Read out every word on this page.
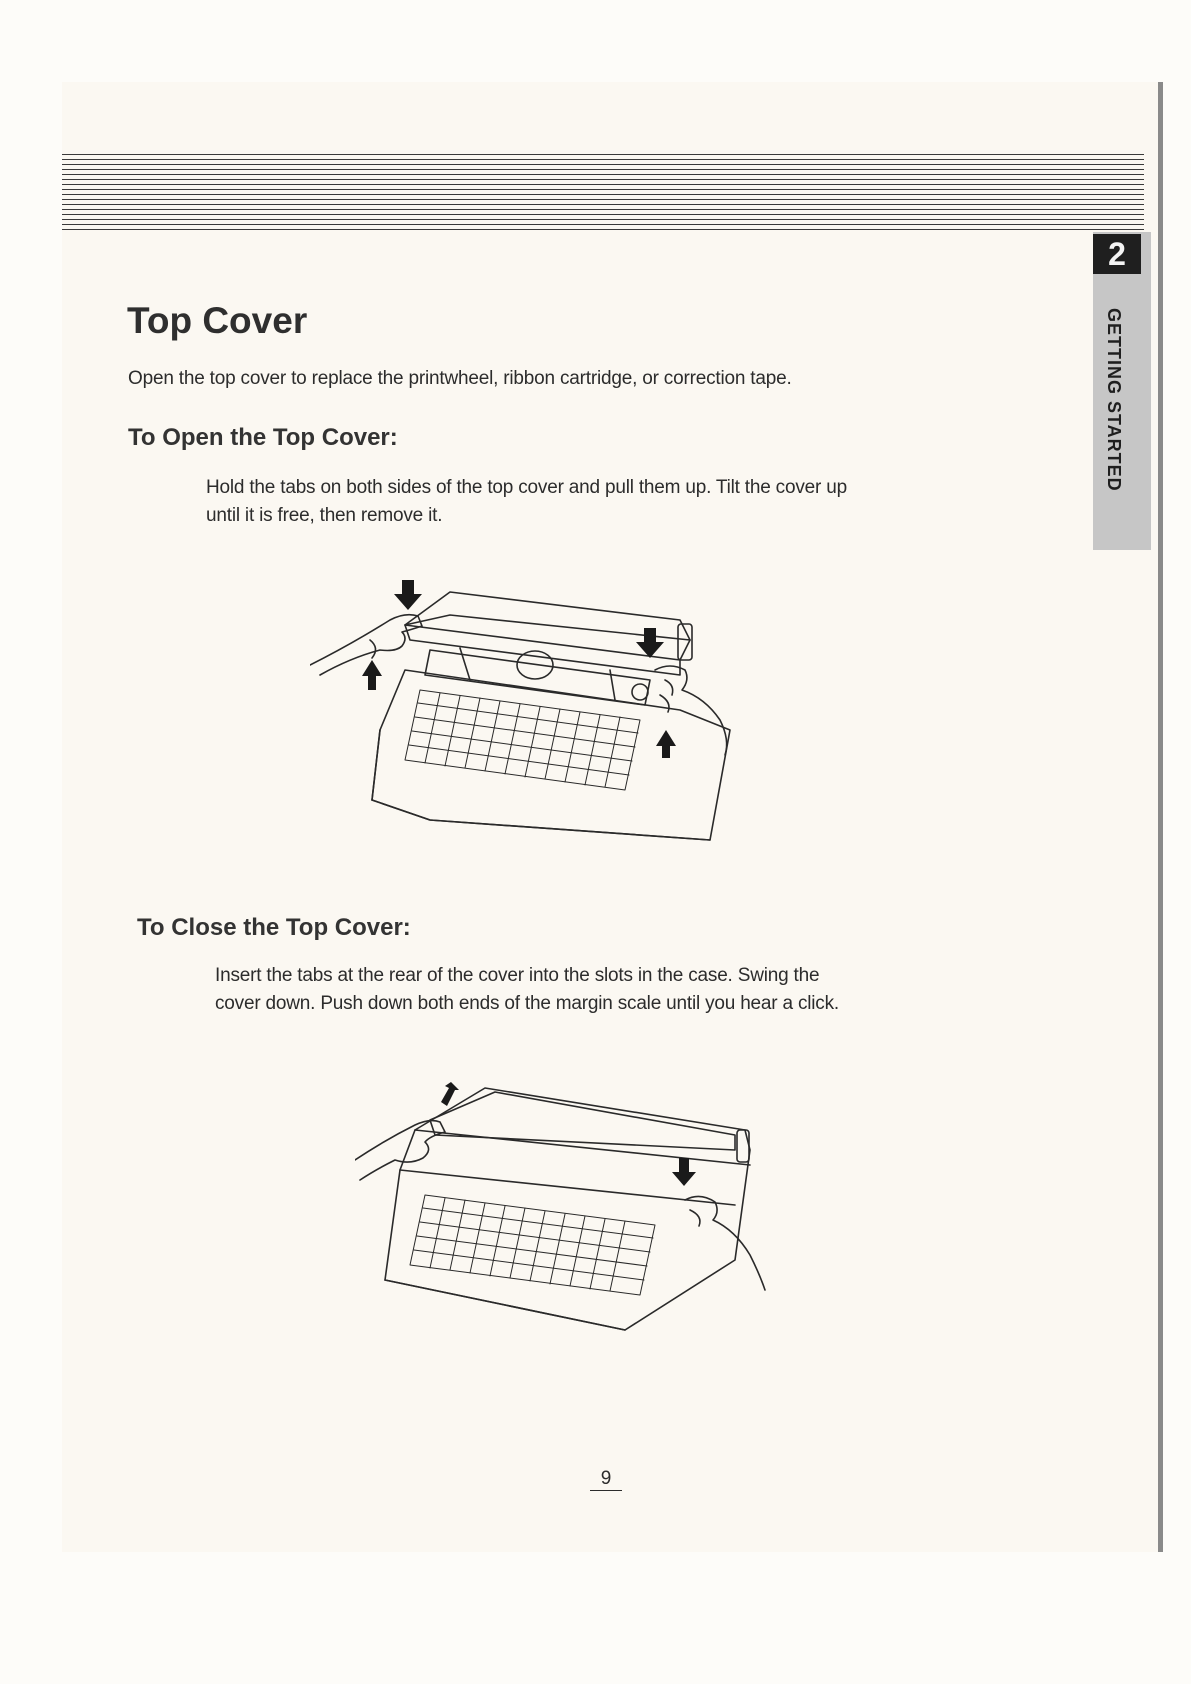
2
GETTING STARTED
Top Cover

Open the top cover to replace the printwheel, ribbon cartridge, or correction tape.

To Open the Top Cover:

Hold the tabs on both sides of the top cover and pull them up. Tilt the cover up
until it is free, then remove it.

To Close the Top Cover:

Insert the tabs at the rear of the cover into the slots in the case. Swing the
cover down. Push down both ends of the margin scale until you hear a click.

9
